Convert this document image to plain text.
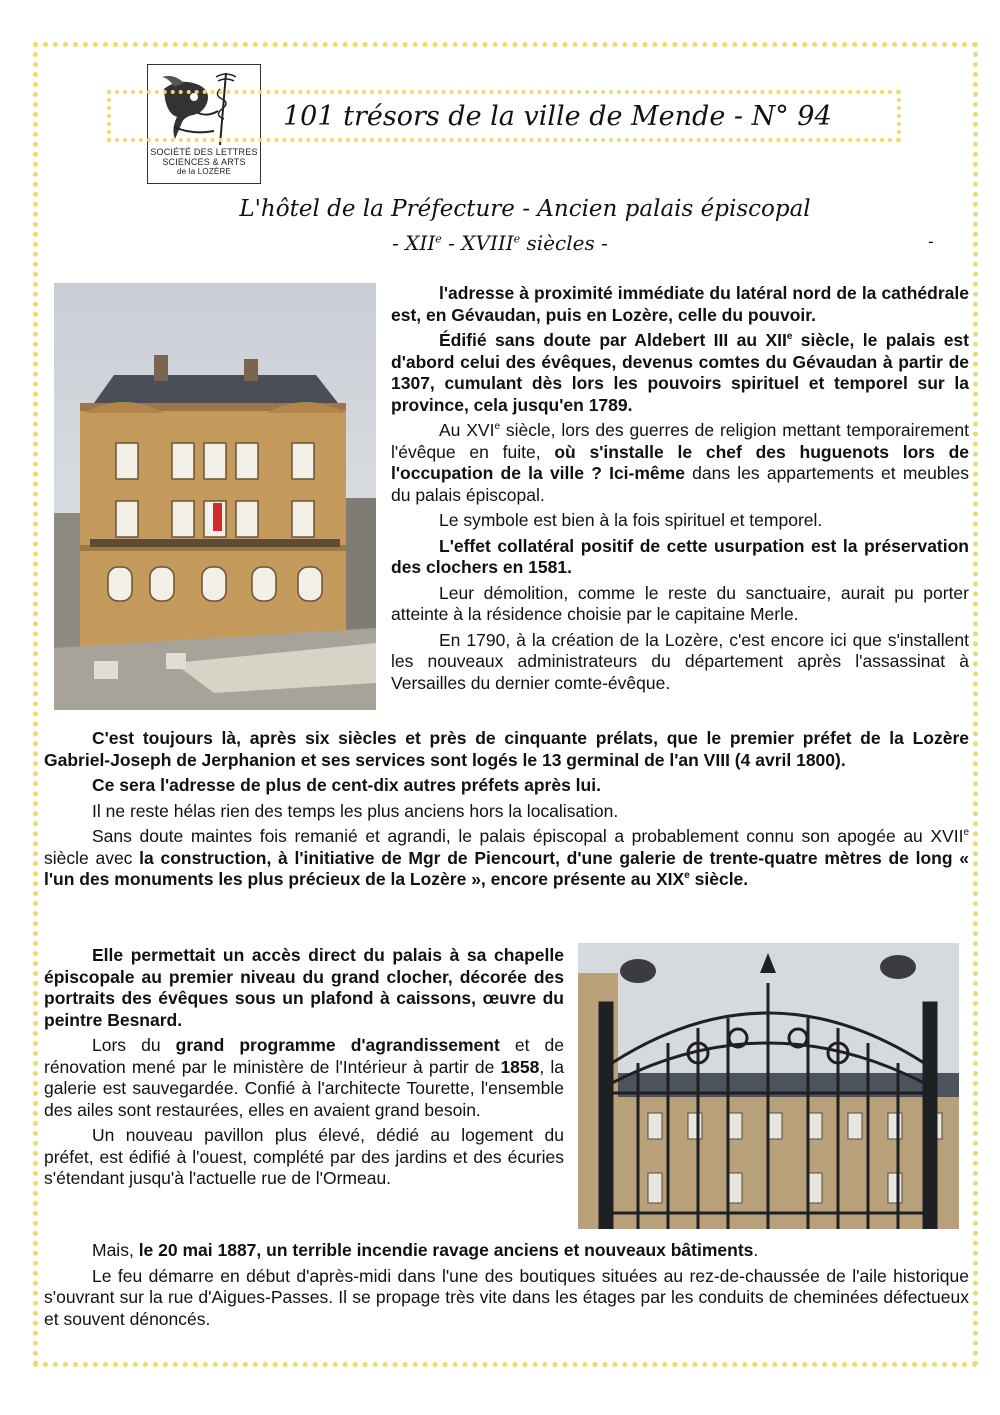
SOCIÉTÉ DES LETTRES
SCIENCES & ARTS
de la LOZÈRE
101 trésors de la ville de Mende - N° 94
L'hôtel de la Préfecture - Ancien palais épiscopal
- XIIe - XVIIIe siècles -	-

l'adresse à proximité immédiate du latéral nord de la cathédrale est, en Gévaudan, puis en Lozère, celle du pouvoir.

Édifié sans doute par Aldebert III au XIIe siècle, le palais est d'abord celui des évêques, devenus comtes du Gévaudan à partir de 1307, cumulant dès lors les pouvoirs spirituel et temporel sur la province, cela jusqu'en 1789.

Au XVIe siècle, lors des guerres de religion mettant temporairement l'évêque en fuite, où s'installe le chef des huguenots lors de l'occupation de la ville ? Ici-même dans les appartements et meubles du palais épiscopal.

Le symbole est bien à la fois spirituel et temporel.

L'effet collatéral positif de cette usurpation est la préservation des clochers en 1581.

Leur démolition, comme le reste du sanctuaire, aurait pu porter atteinte à la résidence choisie par le capitaine Merle.

En 1790, à la création de la Lozère, c'est encore ici que s'installent les nouveaux administrateurs du département après l'assassinat à Versailles du dernier comte-évêque.

C'est toujours là, après six siècles et près de cinquante prélats, que le premier préfet de la Lozère Gabriel-Joseph de Jerphanion et ses services sont logés le 13 germinal de l'an VIII (4 avril 1800).

Ce sera l'adresse de plus de cent-dix autres préfets après lui.

Il ne reste hélas rien des temps les plus anciens hors la localisation.

Sans doute maintes fois remanié et agrandi, le palais épiscopal a probablement connu son apogée au XVIIe siècle avec la construction, à l'initiative de Mgr de Piencourt, d'une galerie de trente-quatre mètres de long « l'un des monuments les plus précieux de la Lozère », encore présente au XIXe siècle.

Elle permettait un accès direct du palais à sa chapelle épiscopale au premier niveau du grand clocher, décorée des portraits des évêques sous un plafond à caissons, œuvre du peintre Besnard.

Lors du grand programme d'agrandissement et de rénovation mené par le ministère de l'Intérieur à partir de 1858, la galerie est sauvegardée. Confié à l'architecte Tourette, l'ensemble des ailes sont restaurées, elles en avaient grand besoin.

Un nouveau pavillon plus élevé, dédié au logement du préfet, est édifié à l'ouest, complété par des jardins et des écuries s'étendant jusqu'à l'actuelle rue de l'Ormeau.

Mais, le 20 mai 1887, un terrible incendie ravage anciens et nouveaux bâtiments.

Le feu démarre en début d'après-midi dans l'une des boutiques situées au rez-de-chaussée de l'aile historique s'ouvrant sur la rue d'Aigues-Passes. Il se propage très vite dans les étages par les conduits de cheminées défectueux et souvent dénoncés.
